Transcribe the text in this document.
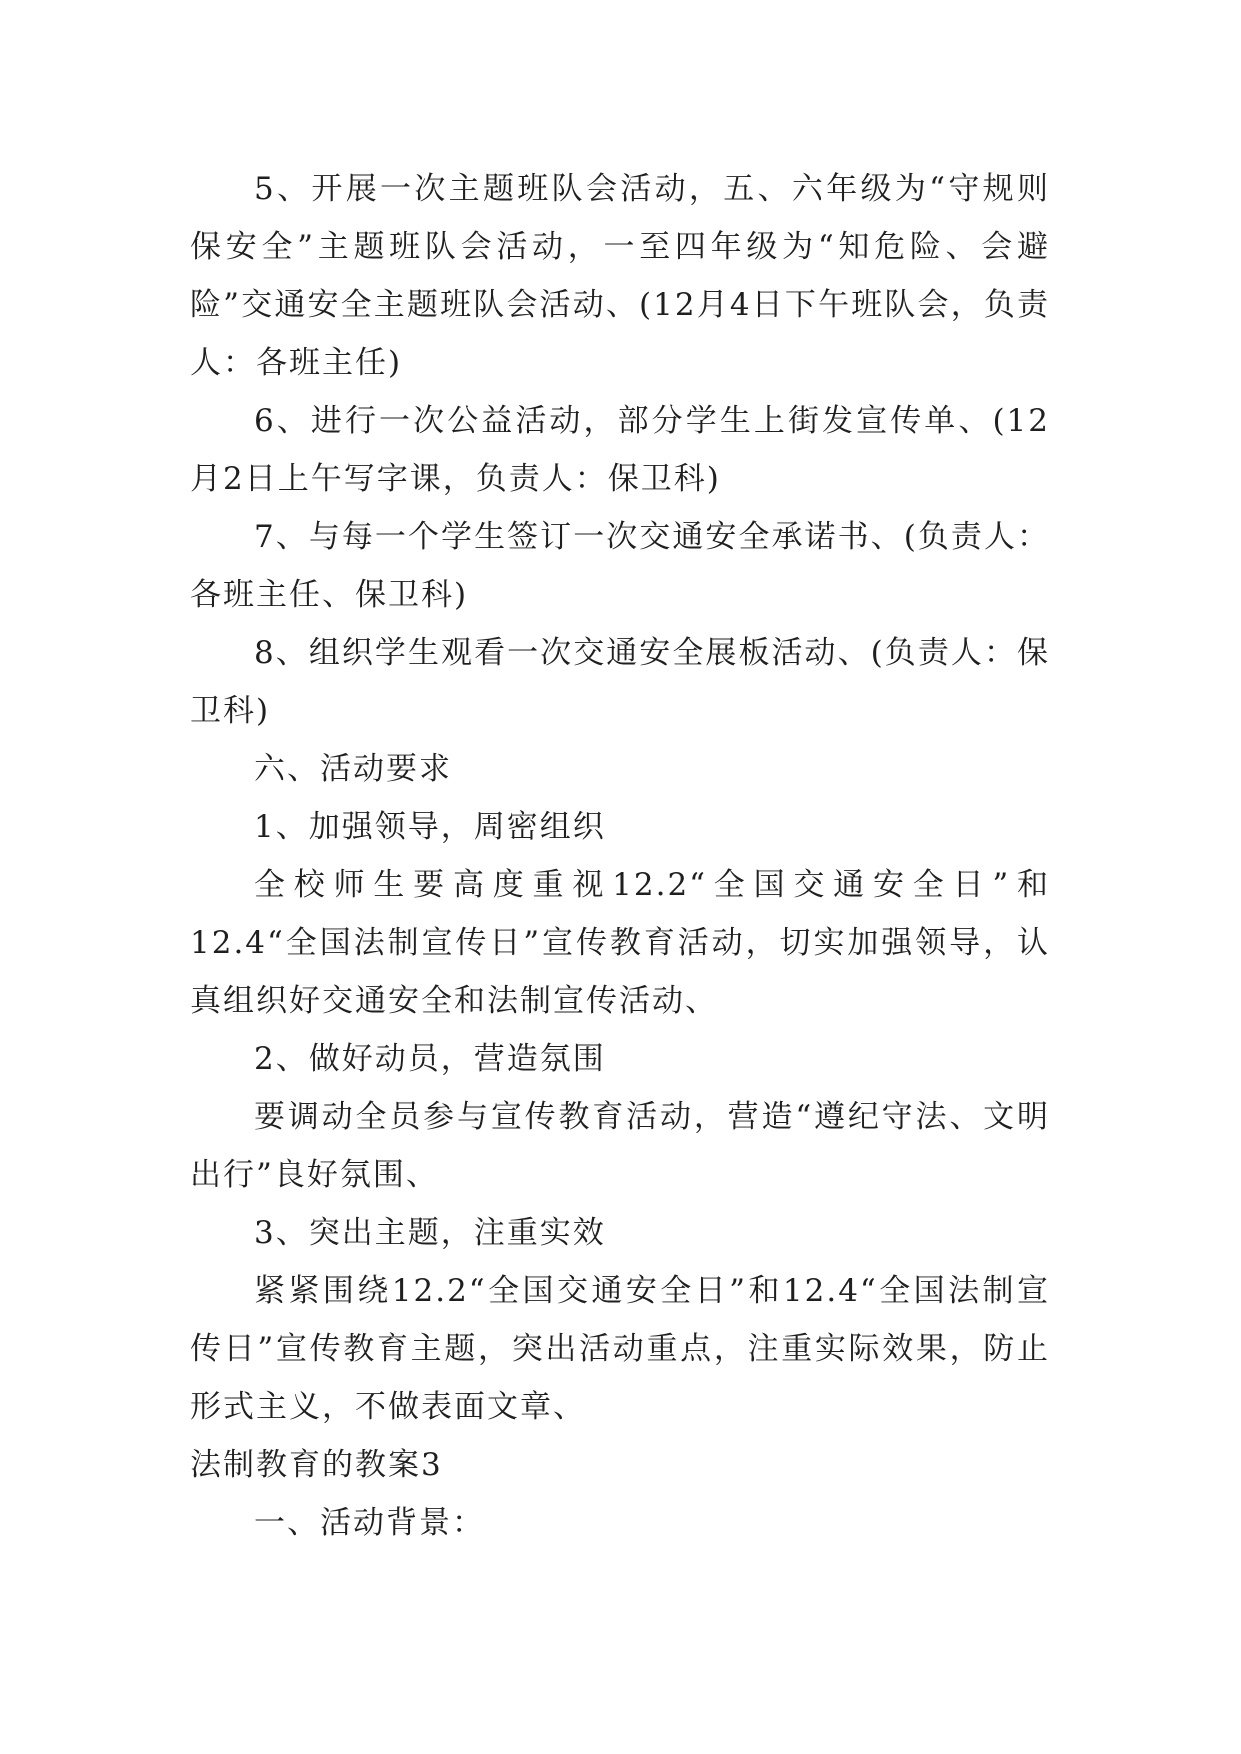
5、开展一次主题班队会活动，五、六年级为“守规则保安全”主题班队会活动，一至四年级为“知危险、会避险”交通安全主题班队会活动、(12月4日下午班队会，负责人：各班主任)

6、进行一次公益活动，部分学生上街发宣传单、(12月2日上午写字课，负责人：保卫科)

7、与每一个学生签订一次交通安全承诺书、(负责人：各班主任、保卫科)

8、组织学生观看一次交通安全展板活动、(负责人：保卫科)

六、活动要求

1、加强领导，周密组织

全校师生要高度重视12.2“全国交通安全日”和12.4“全国法制宣传日”宣传教育活动，切实加强领导，认真组织好交通安全和法制宣传活动、

2、做好动员，营造氛围

要调动全员参与宣传教育活动，营造“遵纪守法、文明出行”良好氛围、

3、突出主题，注重实效

紧紧围绕12.2“全国交通安全日”和12.4“全国法制宣传日”宣传教育主题，突出活动重点，注重实际效果，防止形式主义，不做表面文章、

法制教育的教案3

一、活动背景：
